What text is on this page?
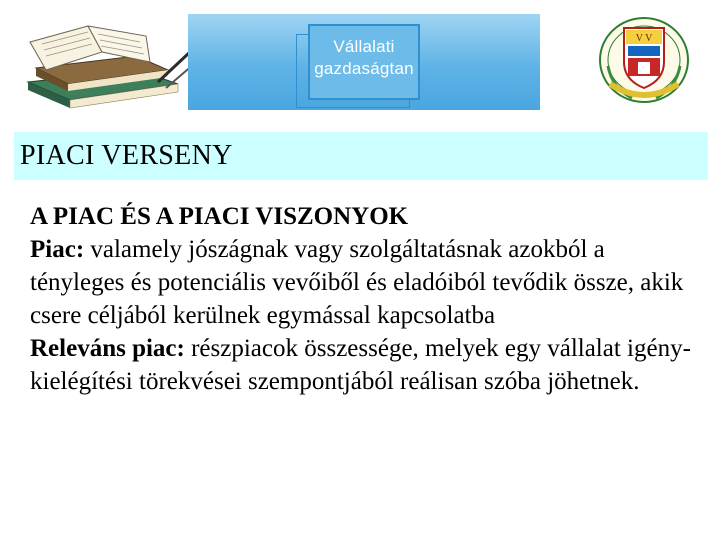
Vállalati
gazdaságtan
V V
PIACI VERSENY

A PIAC ÉS A PIACI VISZONYOK

Piac: valamely jószágnak vagy szolgáltatásnak azokból a tényleges és potenciális vevőiből és eladóiból tevődik össze, akik csere céljából kerülnek egymással kapcsolatba

Releváns piac: részpiacok összessége, melyek egy vállalat igény-kielégítési törekvései szempontjából reálisan szóba jöhetnek.
